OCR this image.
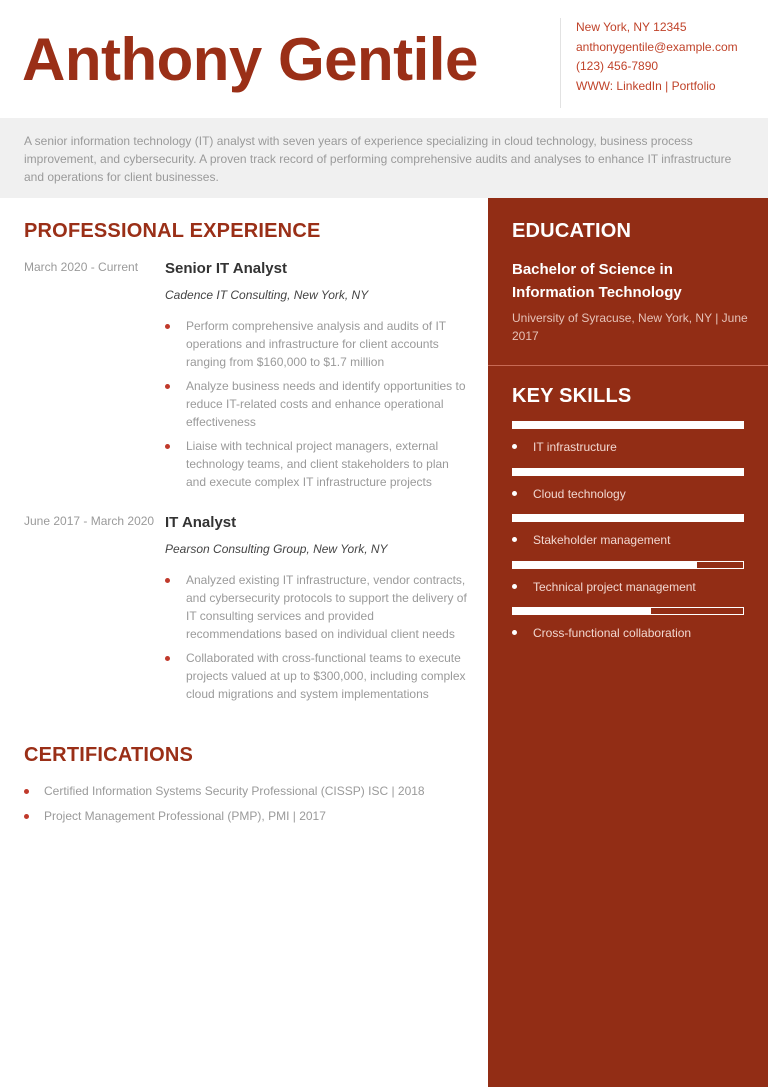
Anthony Gentile	New York, NY 12345
anthonygentile@example.com
(123) 456-7890
WWW: LinkedIn | Portfolio

A senior information technology (IT) analyst with seven years of experience specializing in cloud technology, business process improvement, and cybersecurity. A proven track record of performing comprehensive audits and analyses to enhance IT infrastructure and operations for client businesses.

PROFESSIONAL EXPERIENCE
March 2020 - Current Senior IT Analyst
Cadence IT Consulting, New York, NY
Perform comprehensive analysis and audits of IT operations and infrastructure for client accounts ranging from $160,000 to $1.7 million
Analyze business needs and identify opportunities to reduce IT-related costs and enhance operational effectiveness
Liaise with technical project managers, external technology teams, and client stakeholders to plan and execute complex IT infrastructure projects
June 2017 - March 2020 IT Analyst
Pearson Consulting Group, New York, NY
Analyzed existing IT infrastructure, vendor contracts, and cybersecurity protocols to support the delivery of IT consulting services and provided recommendations based on individual client needs
Collaborated with cross-functional teams to execute projects valued at up to $300,000, including complex cloud migrations and system implementations
CERTIFICATIONS
Certified Information Systems Security Professional (CISSP) ISC | 2018
Project Management Professional (PMP), PMI | 2017
EDUCATION
Bachelor of Science in Information Technology
University of Syracuse, New York, NY | June 2017
KEY SKILLS
IT infrastructure
Cloud technology
Stakeholder management
Technical project management
Cross-functional collaboration
